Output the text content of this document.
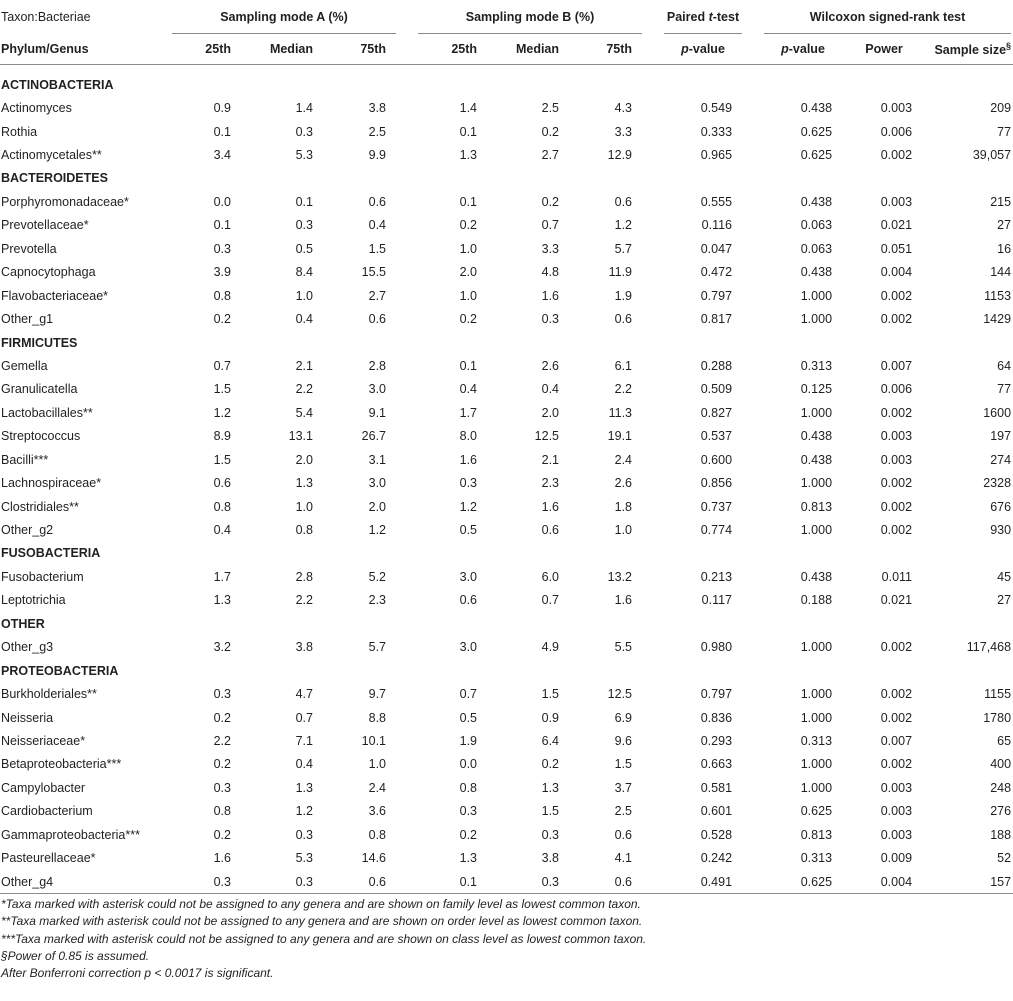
Taxon:Bacteriae	Sampling mode A (%)				Sampling mode B (%)				Paired t-test		Wilcoxon signed-rank test		

Phylum/Genus	25th	Median	75th		25th	Median	75th		p-value		p-value	Power	Sample size§

ACTINOBACTERIA													
Actinomyces	0.9	1.4	3.8		1.4	2.5	4.3		0.549		0.438	0.003	209
Rothia	0.1	0.3	2.5		0.1	0.2	3.3		0.333		0.625	0.006	77
Actinomycetales**	3.4	5.3	9.9		1.3	2.7	12.9		0.965		0.625	0.002	39,057
BACTEROIDETES													
Porphyromonadaceae*	0.0	0.1	0.6		0.1	0.2	0.6		0.555		0.438	0.003	215
Prevotellaceae*	0.1	0.3	0.4		0.2	0.7	1.2		0.116		0.063	0.021	27
Prevotella	0.3	0.5	1.5		1.0	3.3	5.7		0.047		0.063	0.051	16
Capnocytophaga	3.9	8.4	15.5		2.0	4.8	11.9		0.472		0.438	0.004	144
Flavobacteriaceae*	0.8	1.0	2.7		1.0	1.6	1.9		0.797		1.000	0.002	1153
Other_g1	0.2	0.4	0.6		0.2	0.3	0.6		0.817		1.000	0.002	1429
FIRMICUTES													
Gemella	0.7	2.1	2.8		0.1	2.6	6.1		0.288		0.313	0.007	64
Granulicatella	1.5	2.2	3.0		0.4	0.4	2.2		0.509		0.125	0.006	77
Lactobacillales**	1.2	5.4	9.1		1.7	2.0	11.3		0.827		1.000	0.002	1600
Streptococcus	8.9	13.1	26.7		8.0	12.5	19.1		0.537		0.438	0.003	197
Bacilli***	1.5	2.0	3.1		1.6	2.1	2.4		0.600		0.438	0.003	274
Lachnospiraceae*	0.6	1.3	3.0		0.3	2.3	2.6		0.856		1.000	0.002	2328
Clostridiales**	0.8	1.0	2.0		1.2	1.6	1.8		0.737		0.813	0.002	676
Other_g2	0.4	0.8	1.2		0.5	0.6	1.0		0.774		1.000	0.002	930
FUSOBACTERIA													
Fusobacterium	1.7	2.8	5.2		3.0	6.0	13.2		0.213		0.438	0.011	45
Leptotrichia	1.3	2.2	2.3		0.6	0.7	1.6		0.117		0.188	0.021	27
OTHER													
Other_g3	3.2	3.8	5.7		3.0	4.9	5.5		0.980		1.000	0.002	117,468
PROTEOBACTERIA													
Burkholderiales**	0.3	4.7	9.7		0.7	1.5	12.5		0.797		1.000	0.002	1155
Neisseria	0.2	0.7	8.8		0.5	0.9	6.9		0.836		1.000	0.002	1780
Neisseriaceae*	2.2	7.1	10.1		1.9	6.4	9.6		0.293		0.313	0.007	65
Betaproteobacteria***	0.2	0.4	1.0		0.0	0.2	1.5		0.663		1.000	0.002	400
Campylobacter	0.3	1.3	2.4		0.8	1.3	3.7		0.581		1.000	0.003	248
Cardiobacterium	0.8	1.2	3.6		0.3	1.5	2.5		0.601		0.625	0.003	276
Gammaproteobacteria***	0.2	0.3	0.8		0.2	0.3	0.6		0.528		0.813	0.003	188
Pasteurellaceae*	1.6	5.3	14.6		1.3	3.8	4.1		0.242		0.313	0.009	52
Other_g4	0.3	0.3	0.6		0.1	0.3	0.6		0.491		0.625	0.004	157
*Taxa marked with asterisk could not be assigned to any genera and are shown on family level as lowest common taxon.
**Taxa marked with asterisk could not be assigned to any genera and are shown on order level as lowest common taxon.
***Taxa marked with asterisk could not be assigned to any genera and are shown on class level as lowest common taxon.
§Power of 0.85 is assumed.
After Bonferroni correction p < 0.0017 is significant.
